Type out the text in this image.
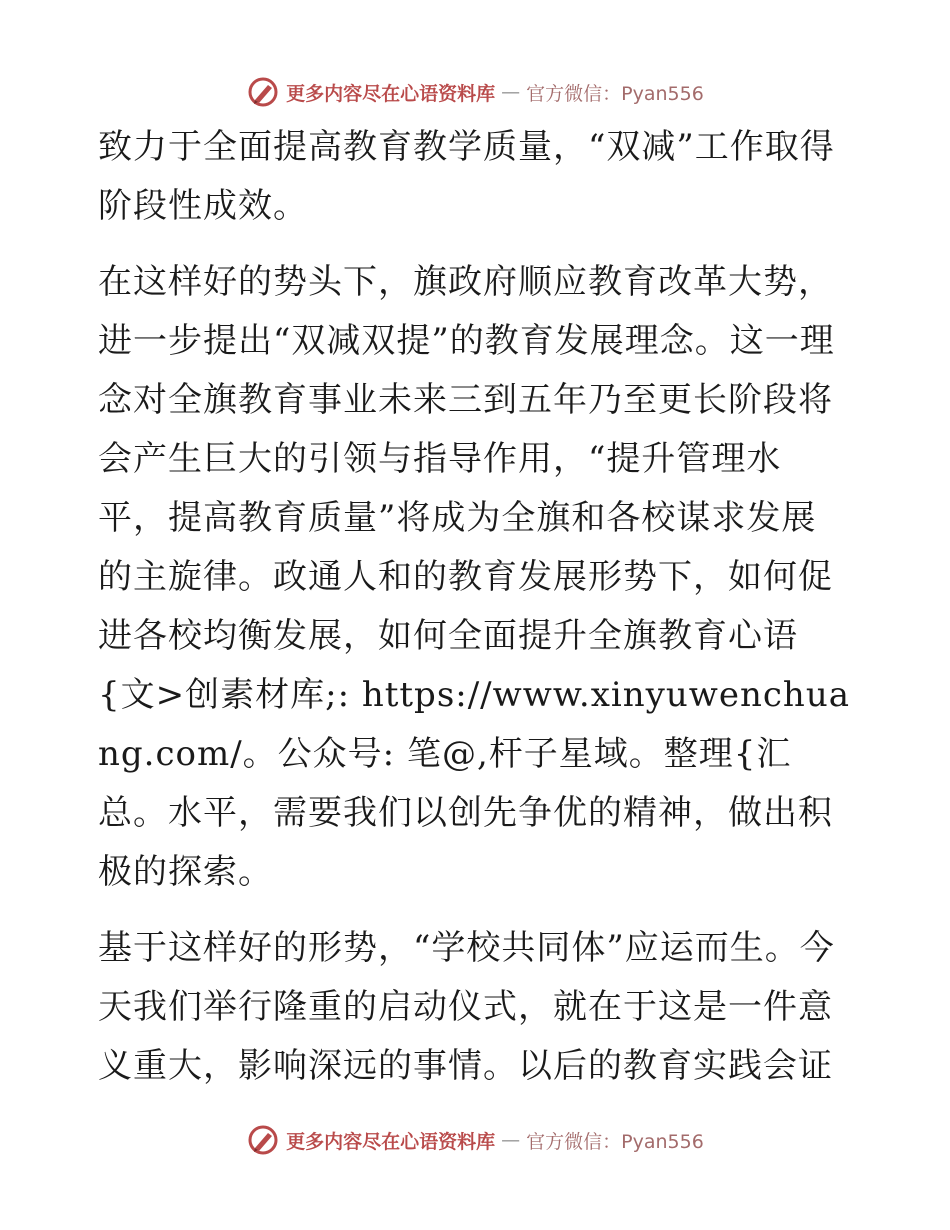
更多内容尽在心语资料库 — 官方微信：Pyan556

致力于全面提高教育教学质量，“双减”工作取得阶段性成效。

在这样好的势头下，旗政府顺应教育改革大势，进一步提出“双减双提”的教育发展理念。这一理念对全旗教育事业未来三到五年乃至更长阶段将会产生巨大的引领与指导作用，“提升管理水平，提高教育质量”将成为全旗和各校谋求发展的主旋律。政通人和的教育发展形势下，如何促进各校均衡发展，如何全面提升全旗教育心语{文>创素材库;: https://www.xinyuwenchuang.com/。公众号: 笔@,杆子星域。整理{汇总。水平，需要我们以创先争优的精神，做出积极的探索。

基于这样好的形势，“学校共同体”应运而生。今天我们举行隆重的启动仪式，就在于这是一件意义重大，影响深远的事情。以后的教育实践会证

更多内容尽在心语资料库 — 官方微信：Pyan556
